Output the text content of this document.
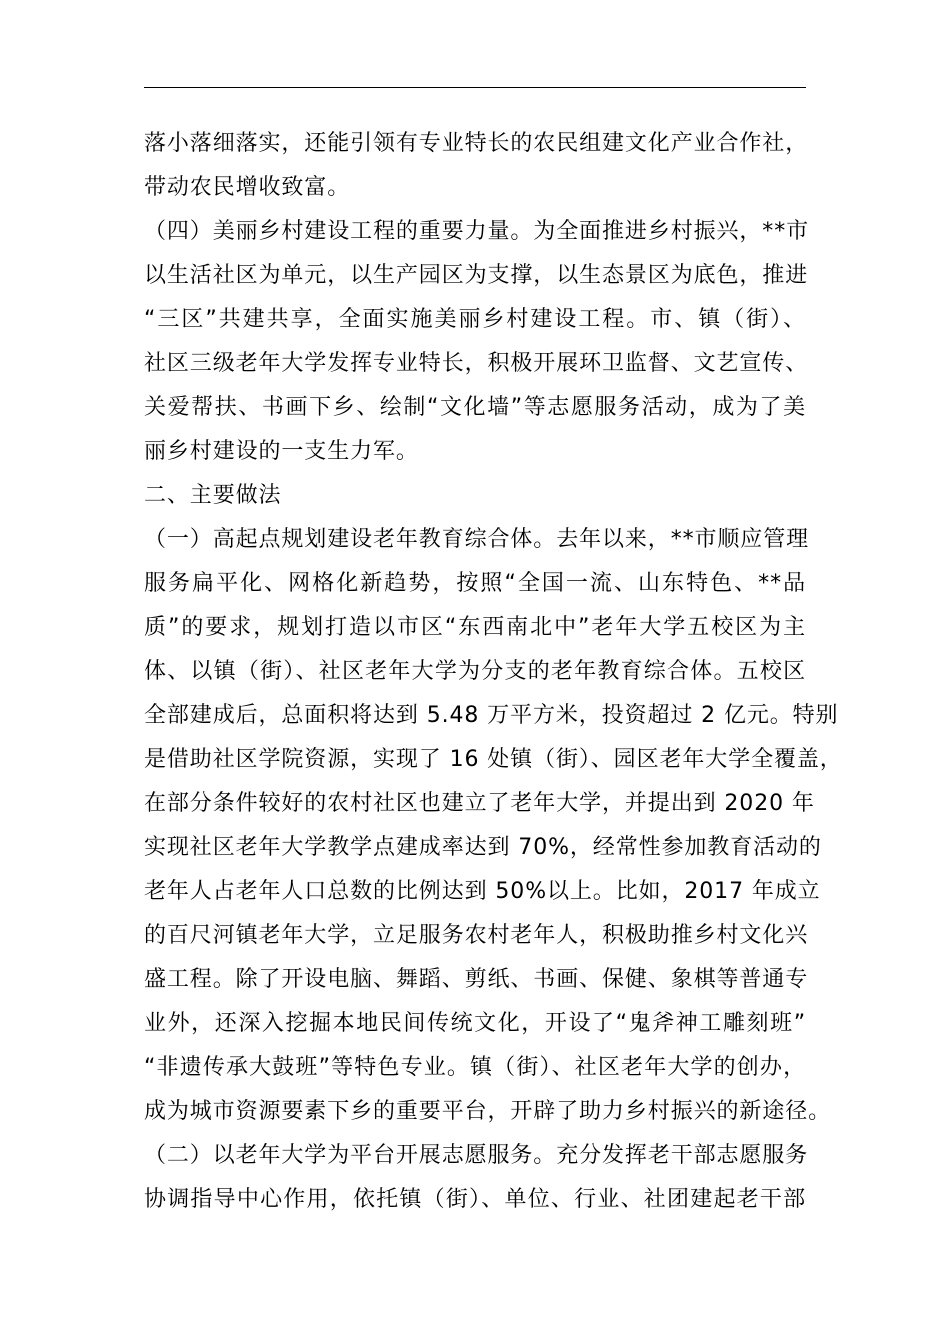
落小落细落实，还能引领有专业特长的农民组建文化产业合作社，
带动农民增收致富。
（四）美丽乡村建设工程的重要力量。为全面推进乡村振兴，**市
以生活社区为单元，以生产园区为支撑，以生态景区为底色，推进
“三区”共建共享，全面实施美丽乡村建设工程。市、镇（街）、
社区三级老年大学发挥专业特长，积极开展环卫监督、文艺宣传、
关爱帮扶、书画下乡、绘制“文化墙”等志愿服务活动，成为了美
丽乡村建设的一支生力军。
二、主要做法
（一）高起点规划建设老年教育综合体。去年以来，**市顺应管理
服务扁平化、网格化新趋势，按照“全国一流、山东特色、**品
质”的要求，规划打造以市区“东西南北中”老年大学五校区为主
体、以镇（街）、社区老年大学为分支的老年教育综合体。五校区
全部建成后，总面积将达到 5.48 万平方米，投资超过 2 亿元。特别
是借助社区学院资源，实现了 16 处镇（街）、园区老年大学全覆盖，
在部分条件较好的农村社区也建立了老年大学，并提出到 2020 年
实现社区老年大学教学点建成率达到 70%，经常性参加教育活动的
老年人占老年人口总数的比例达到 50%以上。比如，2017 年成立
的百尺河镇老年大学，立足服务农村老年人，积极助推乡村文化兴
盛工程。除了开设电脑、舞蹈、剪纸、书画、保健、象棋等普通专
业外，还深入挖掘本地民间传统文化，开设了“鬼斧神工雕刻班”
“非遗传承大鼓班”等特色专业。镇（街）、社区老年大学的创办，
成为城市资源要素下乡的重要平台，开辟了助力乡村振兴的新途径。
（二）以老年大学为平台开展志愿服务。充分发挥老干部志愿服务
协调指导中心作用，依托镇（街）、单位、行业、社团建起老干部
